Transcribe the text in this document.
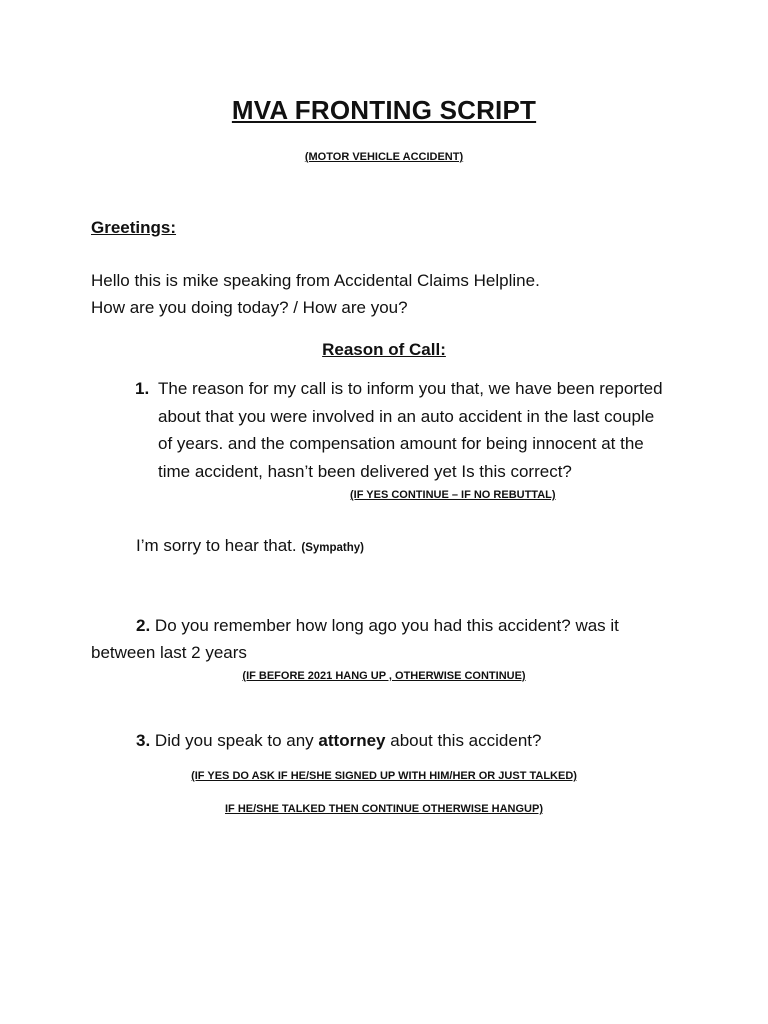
MVA FRONTING SCRIPT
(MOTOR VEHICLE ACCIDENT)
Greetings:
Hello this is mike speaking from Accidental Claims Helpline.
How are you doing today? / How are you?
Reason of Call:
1. The reason for my call is to inform you that, we have been reported
about that you were involved in an auto accident in the last couple
of years. and the compensation amount for being innocent at the
time accident, hasn’t been delivered yet Is this correct?
(IF YES CONTINUE – IF NO REBUTTAL)
I’m sorry to hear that. (Sympathy)
2. Do you remember how long ago you had this accident? was it
between last 2 years
(IF BEFORE 2021 HANG UP , OTHERWISE CONTINUE)
3. Did you speak to any attorney about this accident?
(IF YES DO ASK IF HE/SHE SIGNED UP WITH HIM/HER OR JUST TALKED)
IF HE/SHE TALKED THEN CONTINUE OTHERWISE HANGUP)
